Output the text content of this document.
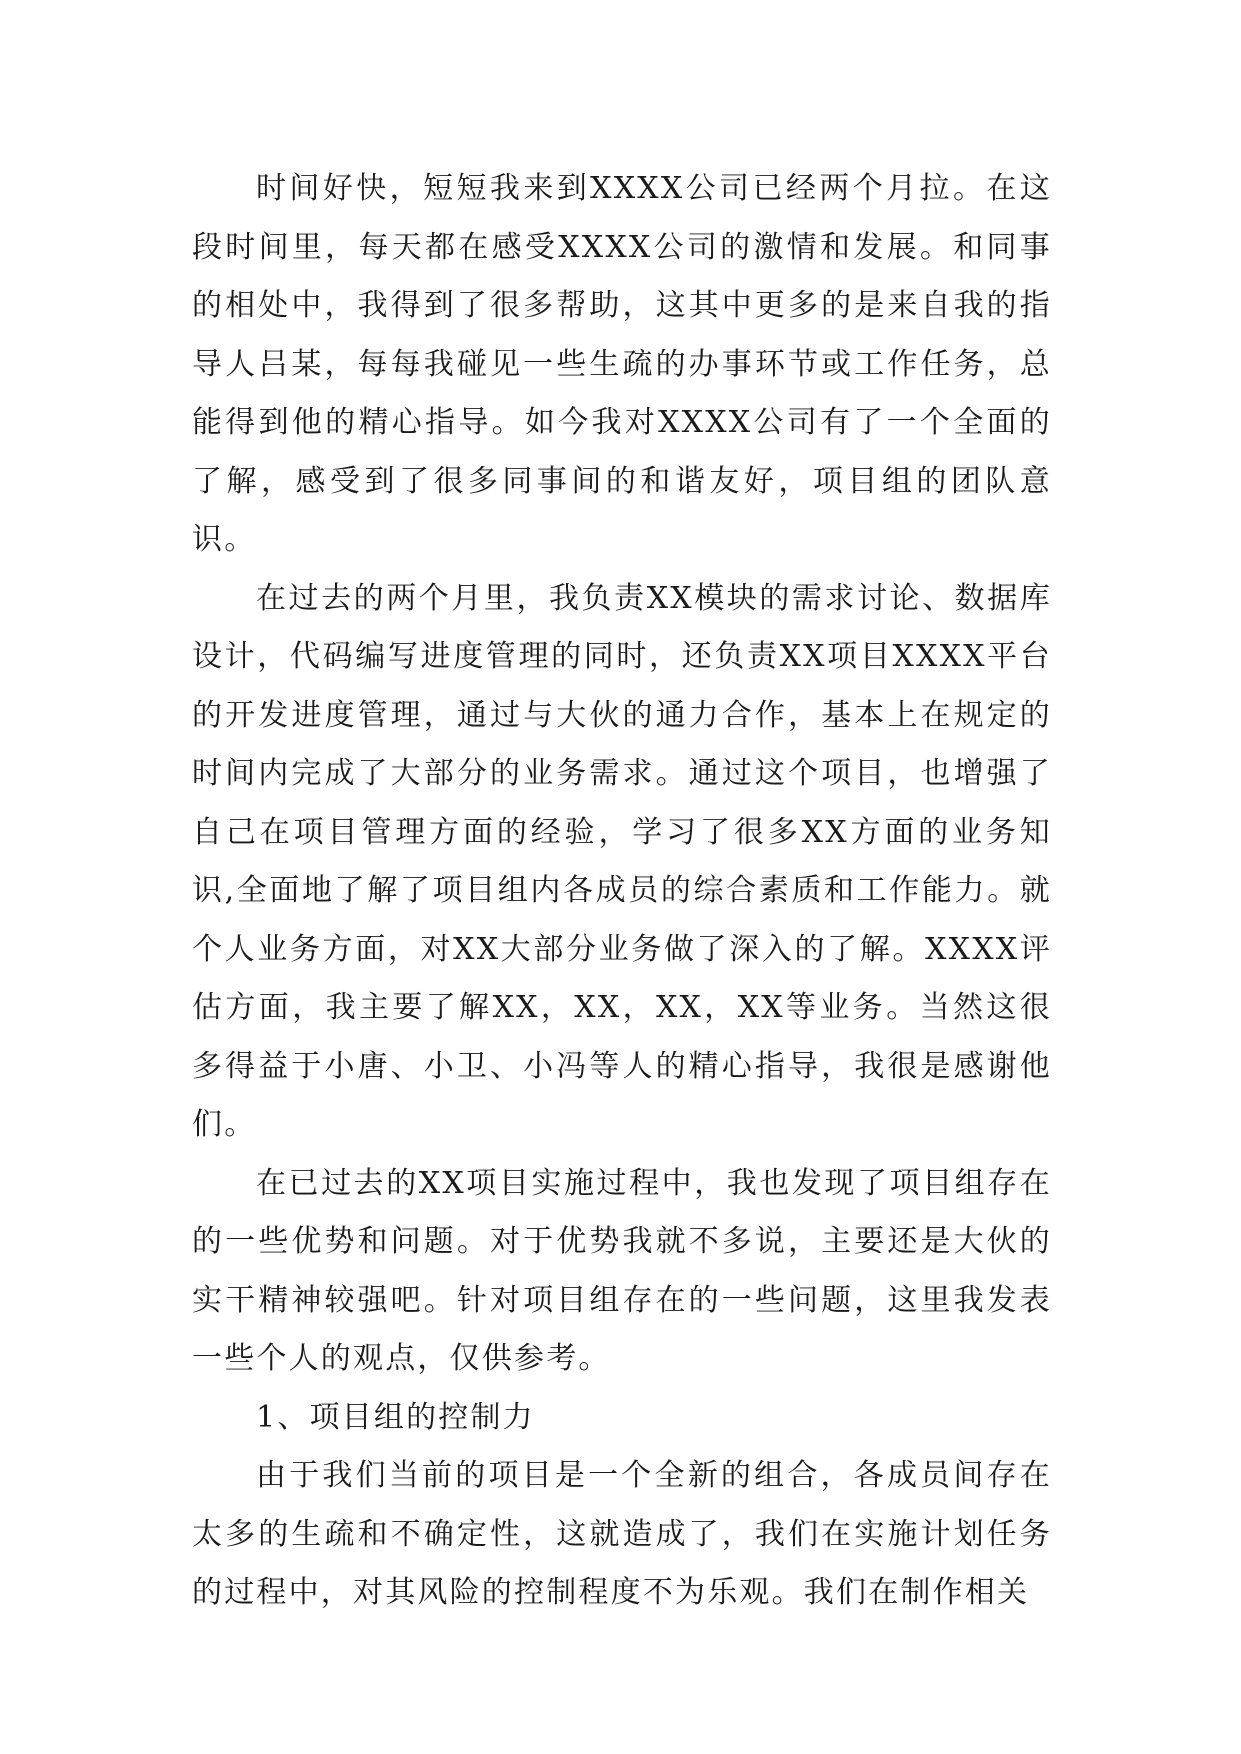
时间好快，短短我来到XXXX公司已经两个月拉。在这段时间里，每天都在感受XXXX公司的激情和发展。和同事的相处中，我得到了很多帮助，这其中更多的是来自我的指导人吕某，每每我碰见一些生疏的办事环节或工作任务，总能得到他的精心指导。如今我对XXXX公司有了一个全面的了解，感受到了很多同事间的和谐友好，项目组的团队意识。

在过去的两个月里，我负责XX模块的需求讨论、数据库设计，代码编写进度管理的同时，还负责XX项目XXXX平台的开发进度管理，通过与大伙的通力合作，基本上在规定的时间内完成了大部分的业务需求。通过这个项目，也增强了自己在项目管理方面的经验，学习了很多XX方面的业务知识,全面地了解了项目组内各成员的综合素质和工作能力。就个人业务方面，对XX大部分业务做了深入的了解。XXXX评估方面，我主要了解XX，XX，XX，XX等业务。当然这很多得益于小唐、小卫、小冯等人的精心指导，我很是感谢他们。

在已过去的XX项目实施过程中，我也发现了项目组存在的一些优势和问题。对于优势我就不多说，主要还是大伙的实干精神较强吧。针对项目组存在的一些问题，这里我发表一些个人的观点，仅供参考。

1、项目组的控制力

由于我们当前的项目是一个全新的组合，各成员间存在太多的生疏和不确定性，这就造成了，我们在实施计划任务的过程中，对其风险的控制程度不为乐观。我们在制作相关
